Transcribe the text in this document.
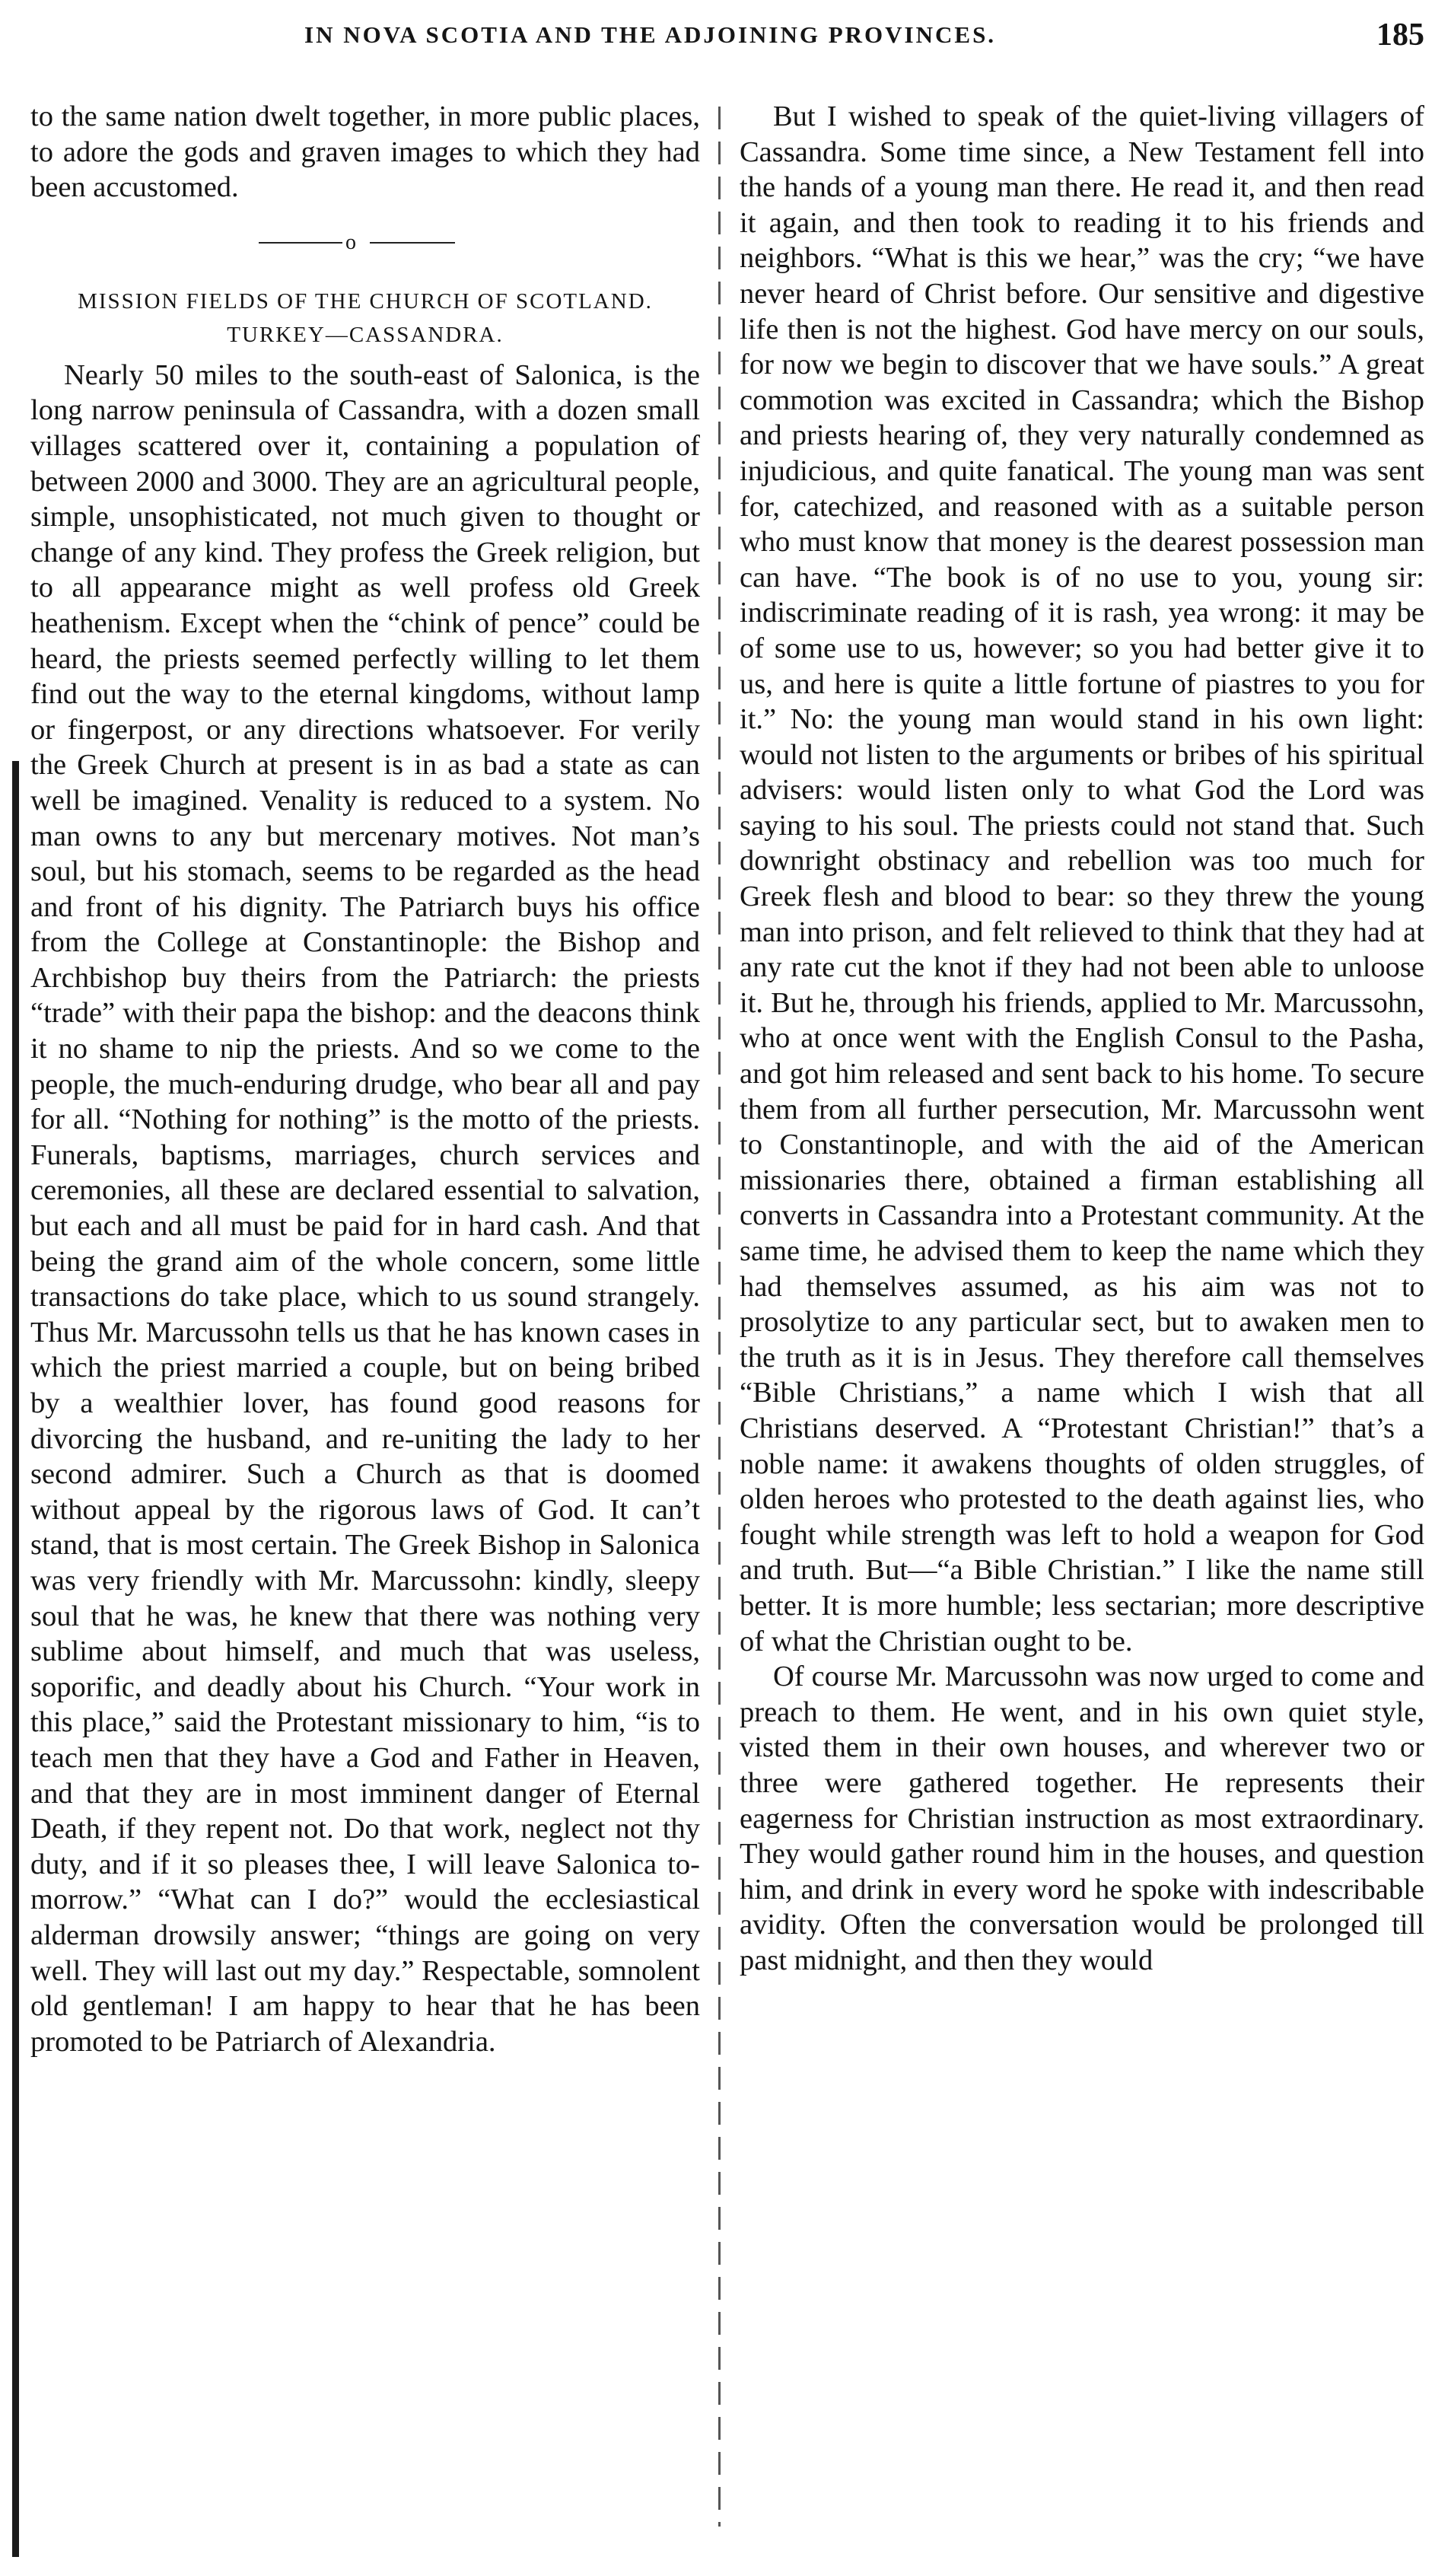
IN NOVA SCOTIA AND THE ADJOINING PROVINCES.	185

to the same nation dwelt together, in more public places, to adore the gods and graven images to which they had been accustomed.

o
MISSION FIELDS OF THE CHURCH OF SCOTLAND. TURKEY—CASSANDRA.

Nearly 50 miles to the south-east of Salonica, is the long narrow peninsula of Cassandra, with a dozen small villages scattered over it, containing a population of between 2000 and 3000. They are an agricultural people, simple, unsophisticated, not much given to thought or change of any kind. They profess the Greek religion, but to all appearance might as well profess old Greek heathenism. Except when the “chink of pence” could be heard, the priests seemed perfectly willing to let them find out the way to the eternal kingdoms, without lamp or fingerpost, or any directions whatsoever. For verily the Greek Church at present is in as bad a state as can well be imagined. Venality is reduced to a system. No man owns to any but mercenary motives. Not man’s soul, but his stomach, seems to be regarded as the head and front of his dignity. The Patriarch buys his office from the College at Constantinople: the Bishop and Archbishop buy theirs from the Patriarch: the priests “trade” with their papa the bishop: and the deacons think it no shame to nip the priests. And so we come to the people, the much-enduring drudge, who bear all and pay for all. “Nothing for nothing” is the motto of the priests. Funerals, baptisms, marriages, church services and ceremonies, all these are declared essential to salvation, but each and all must be paid for in hard cash. And that being the grand aim of the whole concern, some little transactions do take place, which to us sound strangely. Thus Mr. Marcussohn tells us that he has known cases in which the priest married a couple, but on being bribed by a wealthier lover, has found good reasons for divorcing the husband, and re-uniting the lady to her second admirer. Such a Church as that is doomed without appeal by the rigorous laws of God. It can’t stand, that is most certain. The Greek Bishop in Salonica was very friendly with Mr. Marcussohn: kindly, sleepy soul that he was, he knew that there was nothing very sublime about himself, and much that was useless, soporific, and deadly about his Church. “Your work in this place,” said the Protestant missionary to him, “is to teach men that they have a God and Father in Heaven, and that they are in most imminent danger of Eternal Death, if they repent not. Do that work, neglect not thy duty, and if it so pleases thee, I will leave Salonica to-morrow.” “What can I do?” would the ecclesiastical alderman drowsily answer; “things are going on very well. They will last out my day.” Respectable, somnolent old gentleman! I am happy to hear that he has been promoted to be Patriarch of Alexandria.

But I wished to speak of the quiet-living villagers of Cassandra. Some time since, a New Testament fell into the hands of a young man there. He read it, and then read it again, and then took to reading it to his friends and neighbors. “What is this we hear,” was the cry; “we have never heard of Christ before. Our sensitive and digestive life then is not the highest. God have mercy on our souls, for now we begin to discover that we have souls.” A great commotion was excited in Cassandra; which the Bishop and priests hearing of, they very naturally condemned as injudicious, and quite fanatical. The young man was sent for, catechized, and reasoned with as a suitable person who must know that money is the dearest possession man can have. “The book is of no use to you, young sir: indiscriminate reading of it is rash, yea wrong: it may be of some use to us, however; so you had better give it to us, and here is quite a little fortune of piastres to you for it.” No: the young man would stand in his own light: would not listen to the arguments or bribes of his spiritual advisers: would listen only to what God the Lord was saying to his soul. The priests could not stand that. Such downright obstinacy and rebellion was too much for Greek flesh and blood to bear: so they threw the young man into prison, and felt relieved to think that they had at any rate cut the knot if they had not been able to unloose it. But he, through his friends, applied to Mr. Marcussohn, who at once went with the English Consul to the Pasha, and got him released and sent back to his home. To secure them from all further persecution, Mr. Marcussohn went to Constantinople, and with the aid of the American missionaries there, obtained a firman establishing all converts in Cassandra into a Protestant community. At the same time, he advised them to keep the name which they had themselves assumed, as his aim was not to prosolytize to any particular sect, but to awaken men to the truth as it is in Jesus. They therefore call themselves “Bible Christians,” a name which I wish that all Christians deserved. A “Protestant Christian!” that’s a noble name: it awakens thoughts of olden struggles, of olden heroes who protested to the death against lies, who fought while strength was left to hold a weapon for God and truth. But—“a Bible Christian.” I like the name still better. It is more humble; less sectarian; more descriptive of what the Christian ought to be.

Of course Mr. Marcussohn was now urged to come and preach to them. He went, and in his own quiet style, visted them in their own houses, and wherever two or three were gathered together. He represents their eagerness for Christian instruction as most extraordinary. They would gather round him in the houses, and question him, and drink in every word he spoke with indescribable avidity. Often the conversation would be prolonged till past midnight, and then they would
